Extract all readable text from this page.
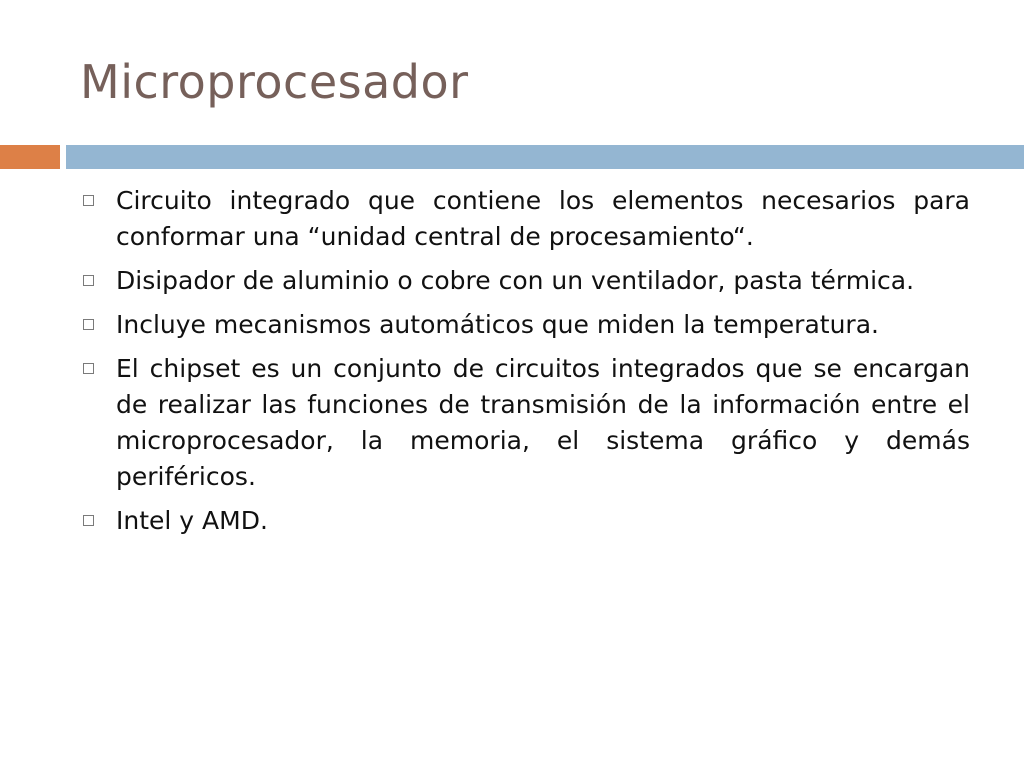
Microprocesador
Circuito integrado que contiene los elementos necesarios para conformar una “unidad central de procesamiento“.
Disipador de aluminio o cobre con un ventilador, pasta térmica.
Incluye mecanismos automáticos que miden la temperatura.
El chipset es un conjunto de circuitos integrados que se encargan de realizar las funciones de transmisión de la información entre el microprocesador, la memoria, el sistema gráfico y demás periféricos.
Intel y AMD.
